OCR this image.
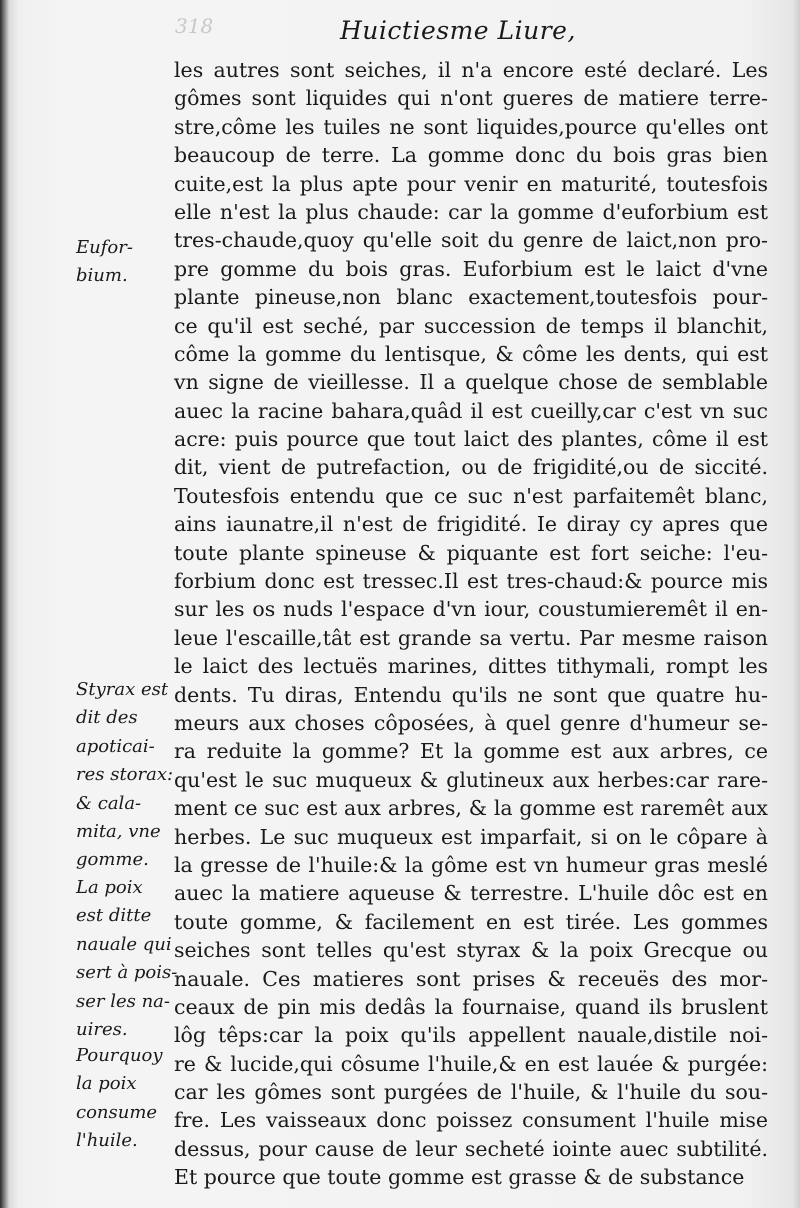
318	Huictiesme Liure,
Eufor-
bium.
Styrax est
dit des
apoticai-
res storax:
& cala-
mita, vne
gomme.
La poix
est ditte
nauale qui
sert à pois-
ser les na-
uires.
Pourquoy
la poix
consume
l'huile.
les autres sont seiches, il n'a encore esté declaré. Les
gômes sont liquides qui n'ont gueres de matiere terre-
stre,côme les tuiles ne sont liquides,pource qu'elles ont
beaucoup de terre. La gomme donc du bois gras bien
cuite,est la plus apte pour venir en maturité, toutesfois
elle n'est la plus chaude: car la gomme d'euforbium est
tres-chaude,quoy qu'elle soit du genre de laict,non pro-
pre gomme du bois gras. Euforbium est le laict d'vne
plante pineuse,non blanc exactement,toutesfois pour-
ce qu'il est seché, par succession de temps il blanchit,
côme la gomme du lentisque, & côme les dents, qui est
vn signe de vieillesse. Il a quelque chose de semblable
auec la racine bahara,quâd il est cueilly,car c'est vn suc
acre: puis pource que tout laict des plantes, côme il est
dit, vient de putrefaction, ou de frigidité,ou de siccité.
Toutesfois entendu que ce suc n'est parfaitemêt blanc,
ains iaunatre,il n'est de frigidité. Ie diray cy apres que
toute plante spineuse & piquante est fort seiche: l'eu-
forbium donc est tressec.Il est tres-chaud:& pource mis
sur les os nuds l'espace d'vn iour, coustumieremêt il en-
leue l'escaille,tât est grande sa vertu. Par mesme raison
le laict des lectuës marines, dittes tithymali, rompt les
dents. Tu diras, Entendu qu'ils ne sont que quatre hu-
meurs aux choses côposées, à quel genre d'humeur se-
ra reduite la gomme? Et la gomme est aux arbres, ce
qu'est le suc muqueux & glutineux aux herbes:car rare-
ment ce suc est aux arbres, & la gomme est raremêt aux
herbes. Le suc muqueux est imparfait, si on le côpare à
la gresse de l'huile:& la gôme est vn humeur gras meslé
auec la matiere aqueuse & terrestre. L'huile dôc est en
toute gomme, & facilement en est tirée. Les gommes
seiches sont telles qu'est styrax & la poix Grecque ou
nauale. Ces matieres sont prises & receuës des mor-
ceaux de pin mis dedâs la fournaise, quand ils bruslent
lôg têps:car la poix qu'ils appellent nauale,distile noi-
re & lucide,qui côsume l'huile,& en est lauée & purgée:
car les gômes sont purgées de l'huile, & l'huile du sou-
fre. Les vaisseaux donc poissez consument l'huile mise
dessus, pour cause de leur secheté iointe auec subtilité.
Et pource que toute gomme est grasse & de substance
